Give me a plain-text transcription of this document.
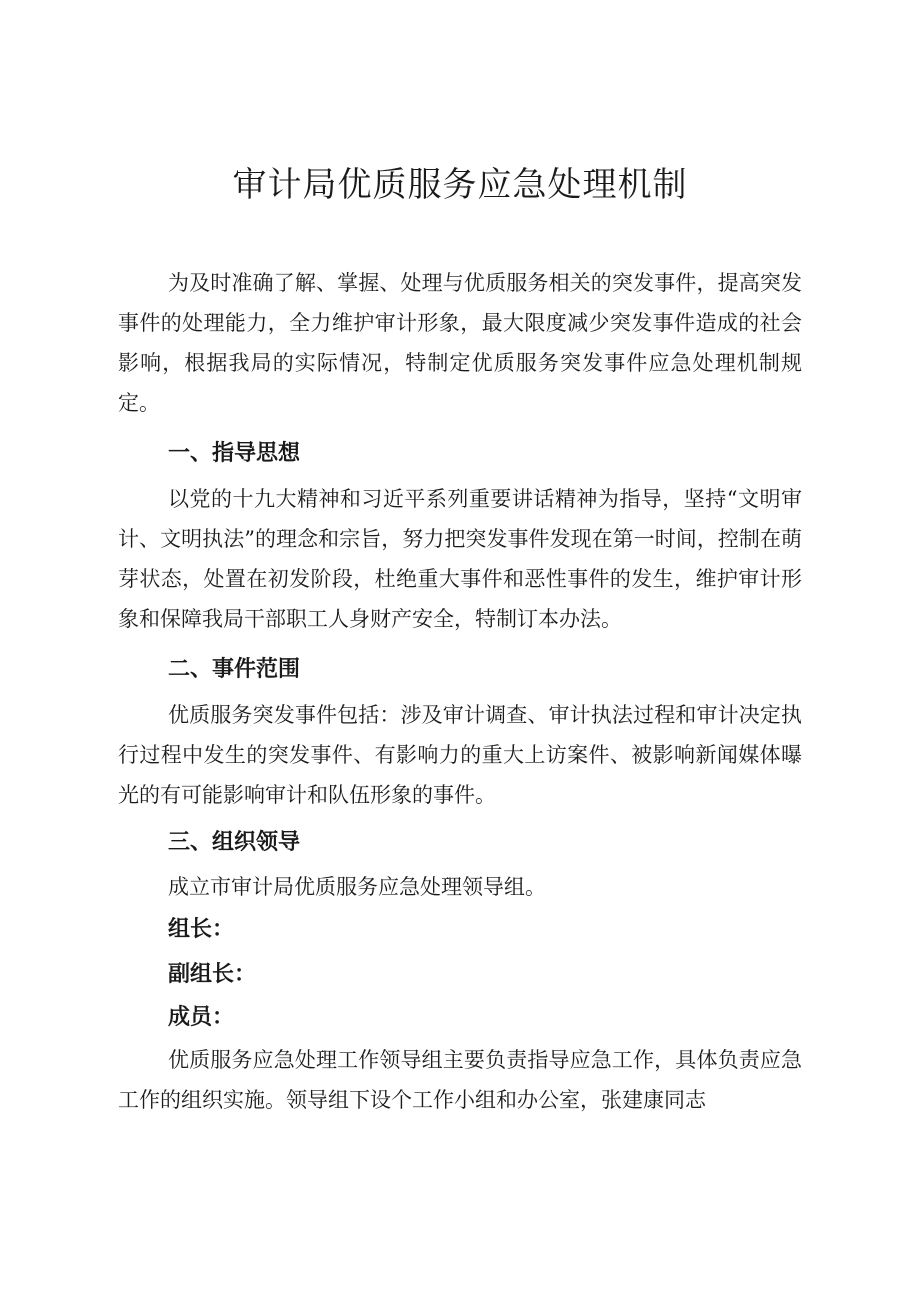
审计局优质服务应急处理机制

为及时准确了解、掌握、处理与优质服务相关的突发事件，提高突发事件的处理能力，全力维护审计形象，最大限度减少突发事件造成的社会影响，根据我局的实际情况，特制定优质服务突发事件应急处理机制规定。

一、指导思想

以党的十九大精神和习近平系列重要讲话精神为指导，坚持“文明审计、文明执法”的理念和宗旨，努力把突发事件发现在第一时间，控制在萌芽状态，处置在初发阶段，杜绝重大事件和恶性事件的发生，维护审计形象和保障我局干部职工人身财产安全，特制订本办法。

二、事件范围

优质服务突发事件包括：涉及审计调查、审计执法过程和审计决定执行过程中发生的突发事件、有影响力的重大上访案件、被影响新闻媒体曝光的有可能影响审计和队伍形象的事件。

三、组织领导

成立市审计局优质服务应急处理领导组。

组长：

副组长：

成员：

优质服务应急处理工作领导组主要负责指导应急工作，具体负责应急工作的组织实施。领导组下设个工作小组和办公室，张建康同志
